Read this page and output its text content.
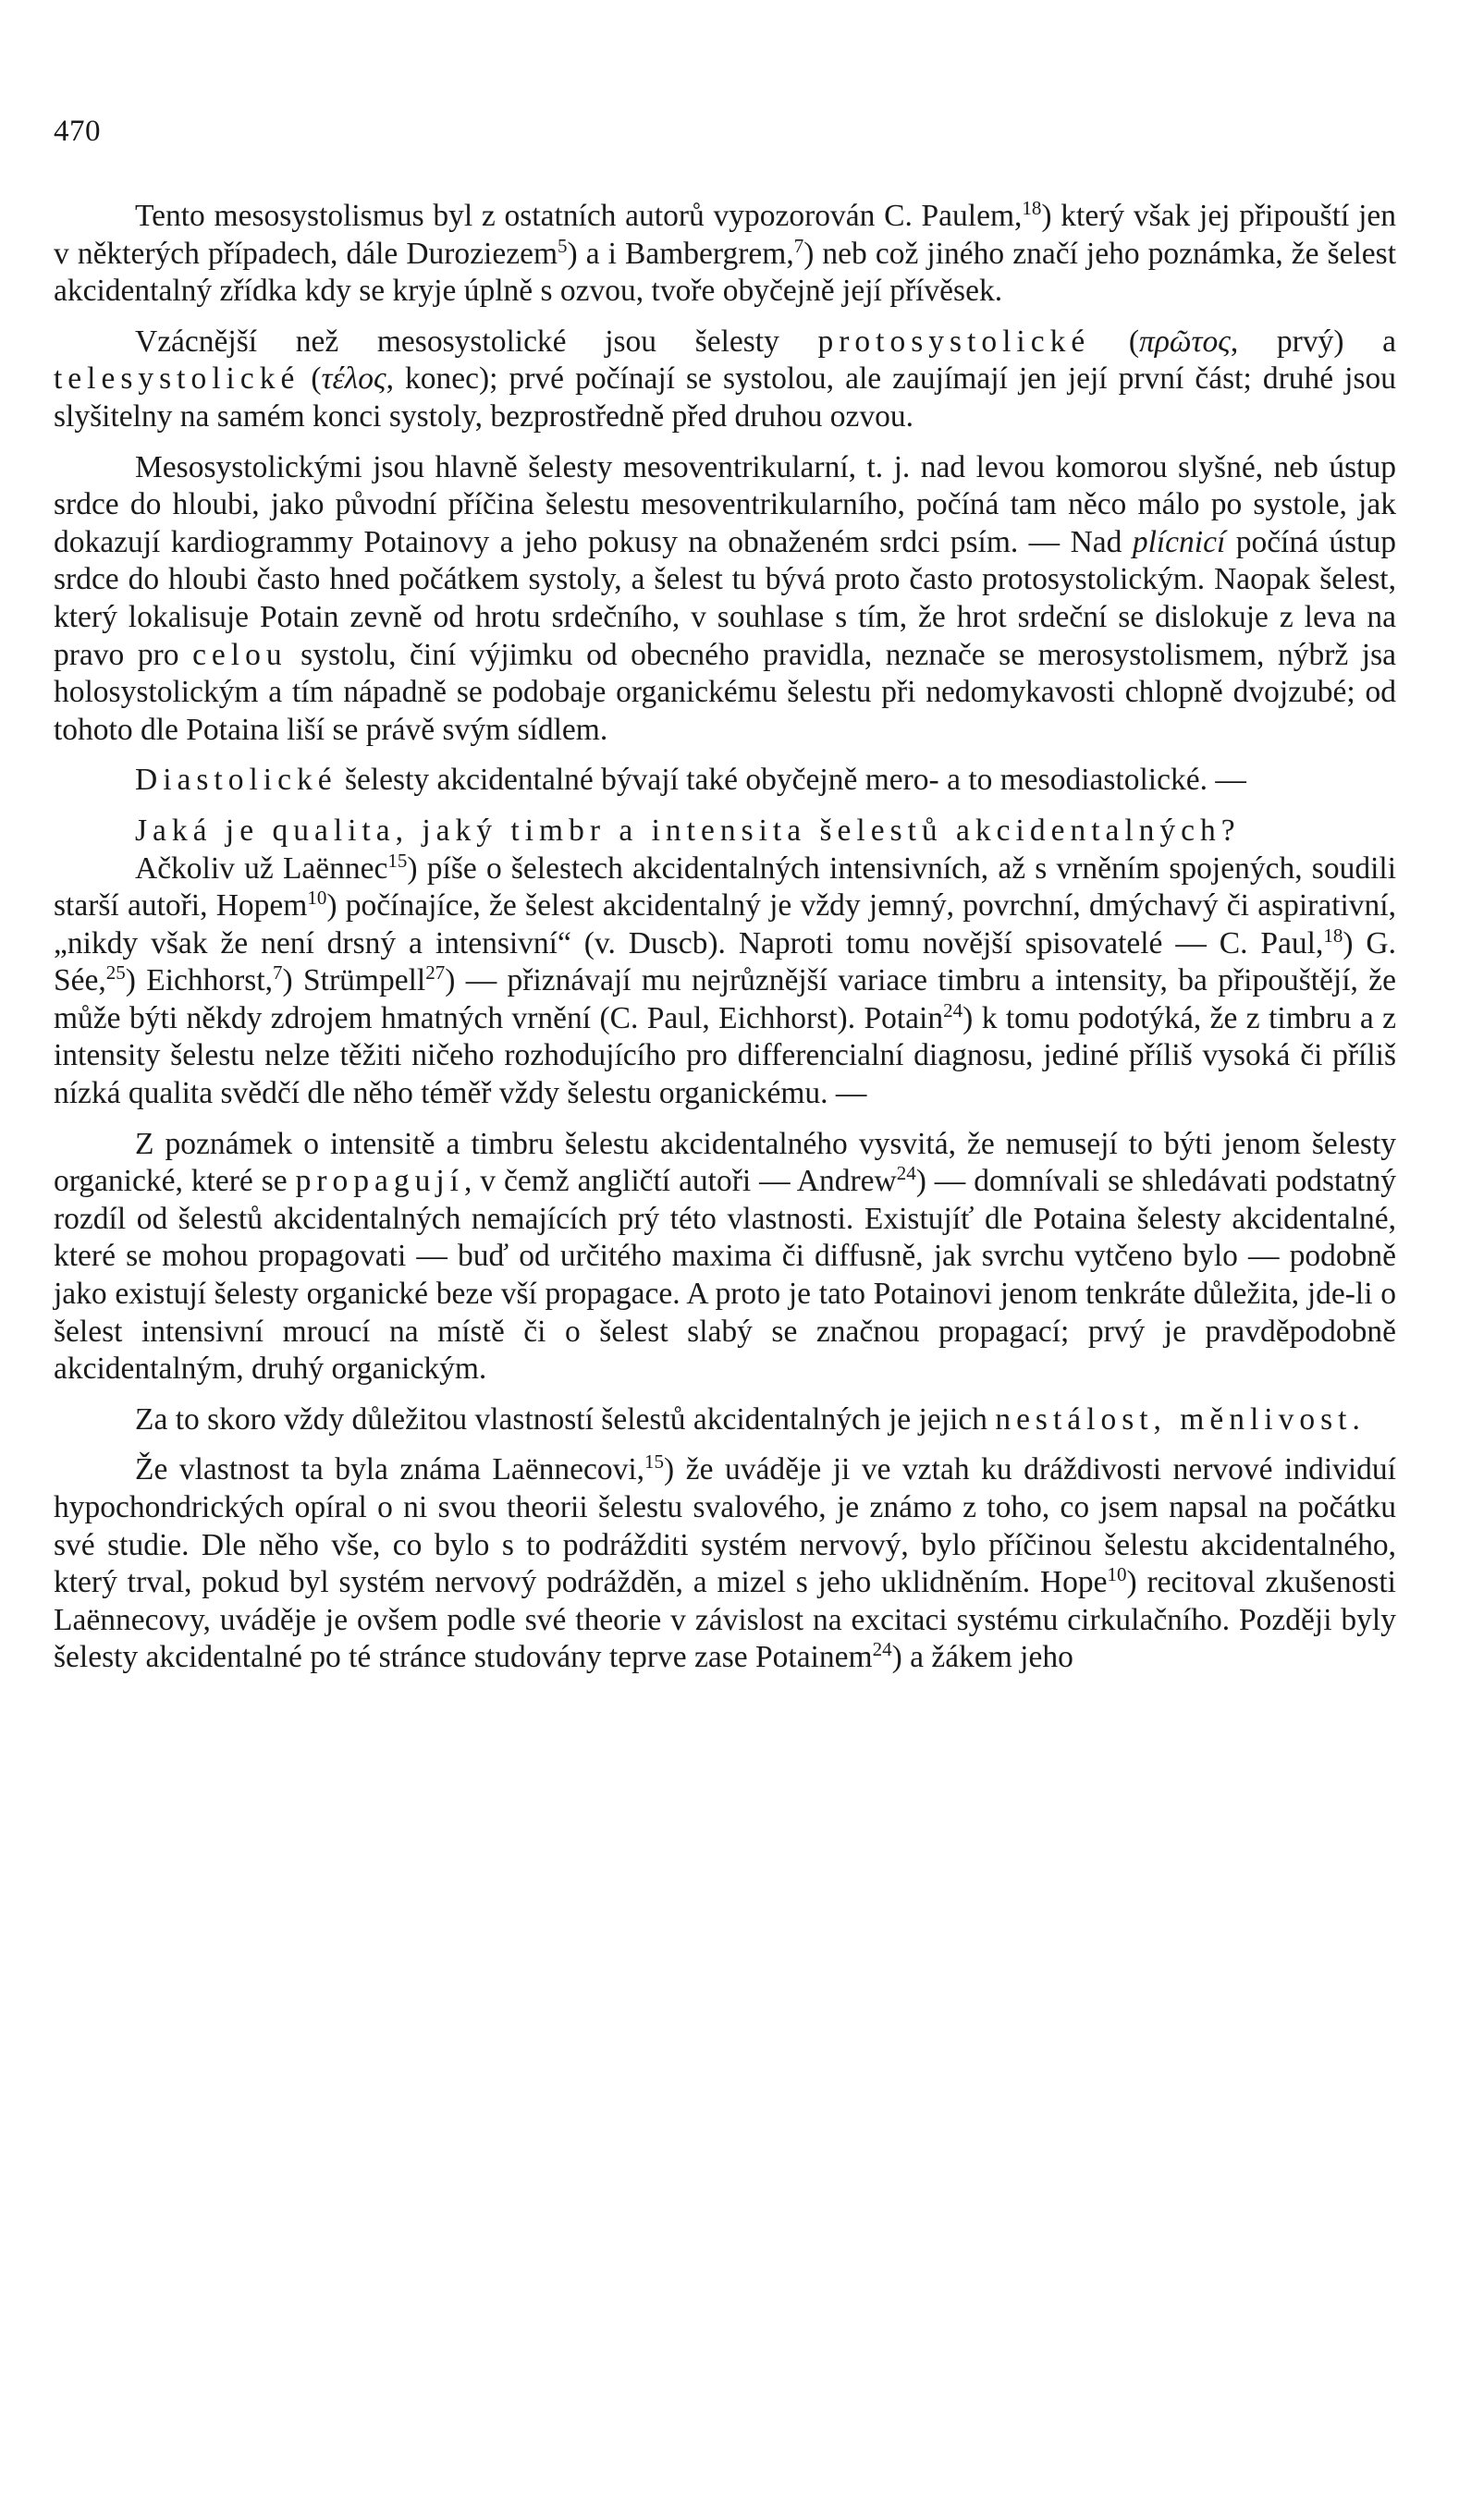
470

Tento mesosystolismus byl z ostatních autorů vypozorován C. Paulem,$^{18}$) který však jej připouští jen v některých případech, dále Duroziezem$^5$) a i Bambergrem,$^7$) neb což jiného značí jeho poznámka, že šelest akcidentalný zřídka kdy se kryje úplně s ozvou, tvoře obyčejně její přívěsek.

Vzácnější než mesosystolické jsou šelesty protosystolické (πρῶτος, prvý) a telesystolické (τέλος, konec); prvé počínají se systolou, ale zaujímají jen její první část; druhé jsou slyšitelny na samém konci systoly, bezprostředně před druhou ozvou.

Mesosystolickými jsou hlavně šelesty mesoventrikularní, t. j. nad levou komorou slyšné, neb ústup srdce do hloubi, jako původní příčina šelestu mesoventrikularního, počíná tam něco málo po systole, jak dokazují kardiogrammy Potainovy a jeho pokusy na obnaženém srdci psím. — Nad plícnicí počíná ústup srdce do hloubi často hned počátkem systoly, a šelest tu bývá proto často protosystolickým. Naopak šelest, který lokalisuje Potain zevně od hrotu srdečního, v souhlase s tím, že hrot srdeční se dislokuje z leva na pravo pro celou systolu, činí výjimku od obecného pravidla, neznače se merosystolismem, nýbrž jsa holosystolickým a tím nápadně se podobaje organickému šelestu při nedomykavosti chlopně dvojzubé; od tohoto dle Potaina liší se právě svým sídlem.

Diastolické šelesty akcidentalné bývají také obyčejně mero- a to mesodiastolické. —

Jaká je qualita, jaký timbr a intensita šelestů akcidentalných?

Ačkoliv už Laënnec$^{15}$) píše o šelestech akcidentalných intensivních, až s vrněním spojených, soudili starší autoři, Hopem$^{10}$) počínajíce, že šelest akcidentalný je vždy jemný, povrchní, dmýchavý či aspirativní, „nikdy však že není drsný a intensivní“ (v. Duscb). Naproti tomu novější spisovatelé — C. Paul,$^{18}$) G. Sée,$^{25}$) Eichhorst,$^7$) Strümpell$^{27}$) — přiznávají mu nejrůznější variace timbru a intensity, ba připouštějí, že může býti někdy zdrojem hmatných vrnění (C. Paul, Eichhorst). Potain$^{24}$) k tomu podotýká, že z timbru a z intensity šelestu nelze těžiti ničeho rozhodujícího pro differencialní diagnosu, jediné příliš vysoká či příliš nízká qualita svědčí dle něho téměř vždy šelestu organickému. —

Z poznámek o intensitě a timbru šelestu akcidentalného vysvitá, že nemusejí to býti jenom šelesty organické, které se propagují, v čemž angličtí autoři — Andrew$^{24}$) — domnívali se shledávati podstatný rozdíl od šelestů akcidentalných nemajících prý této vlastnosti. Existujíť dle Potaina šelesty akcidentalné, které se mohou propagovati — buď od určitého maxima či diffusně, jak svrchu vytčeno bylo — podobně jako existují šelesty organické beze vší propagace. A proto je tato Potainovi jenom tenkráte důležita, jde-li o šelest intensivní mroucí na místě či o šelest slabý se značnou propagací; prvý je pravděpodobně akcidentalným, druhý organickým.

Za to skoro vždy důležitou vlastností šelestů akcidentalných je jejich nestálost, měnlivost.

Že vlastnost ta byla známa Laënnecovi,$^{15}$) že uváděje ji ve vztah ku dráždivosti nervové individuí hypochondrických opíral o ni svou theorii šelestu svalového, je známo z toho, co jsem napsal na počátku své studie. Dle něho vše, co bylo s to podrážditi systém nervový, bylo příčinou šelestu akcidentalného, který trval, pokud byl systém nervový podrážděn, a mizel s jeho uklidněním. Hope$^{10}$) recitoval zkušenosti Laënnecovy, uváděje je ovšem podle své theorie v závislost na excitaci systému cirkulačního. Později byly šelesty akcidentalné po té stránce studovány teprve zase Potainem$^{24}$) a žákem jeho
